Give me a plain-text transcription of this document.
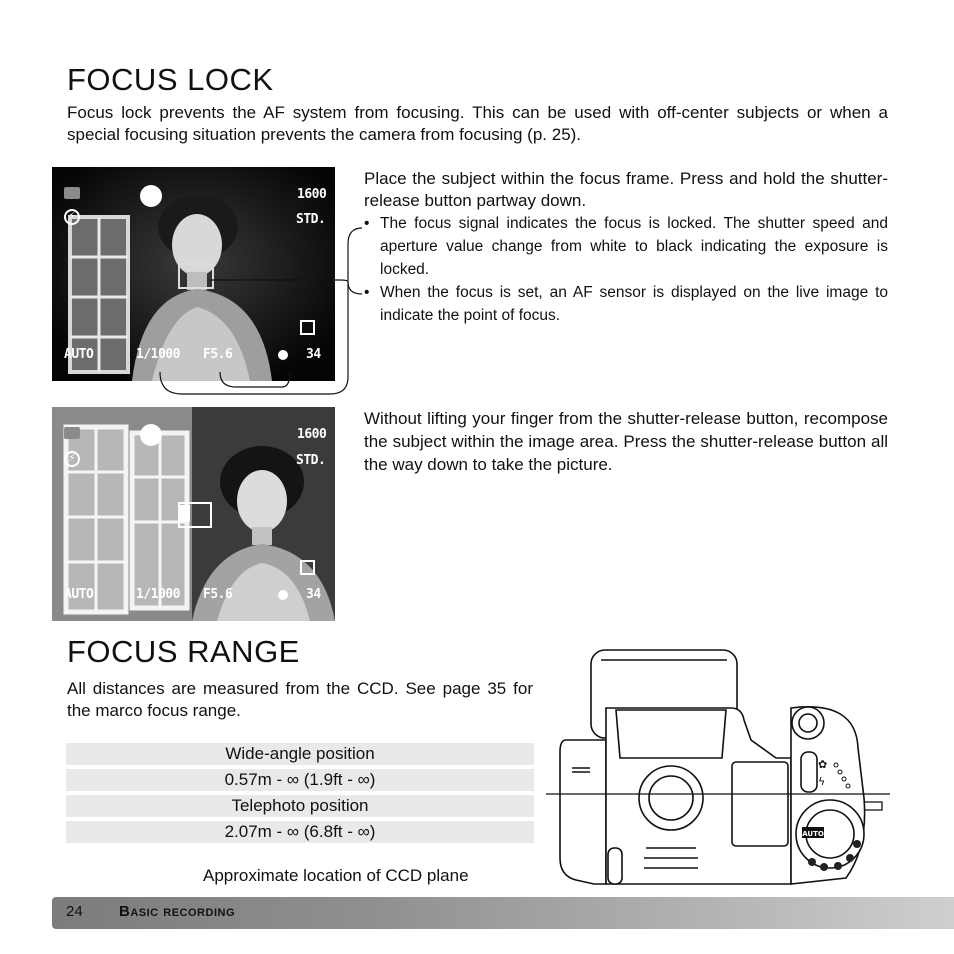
FOCUS LOCK
Focus lock prevents the AF system from focusing. This can be used with off-center subjects or when a special focusing situation prevents the camera from focusing (p. 25).
⚡
1600
STD.
AUTO	1/1000 F5.6	34
Place the subject within the focus frame. Press and hold the shutter-release button partway down.
• The focus signal indicates the focus is locked. The shutter speed and aperture value change from white to black indicating the exposure is locked.
• When the focus is set, an AF sensor is displayed on the live image to indicate the point of focus.
⚡
1600
STD.
AUTO	1/1000 F5.6	34
Without lifting your finger from the shutter-release button, recompose the subject within the image area. Press the shutter-release button all the way down to take the picture.
FOCUS RANGE
All distances are measured from the CCD. See page 35 for the marco focus range.
Wide-angle position
0.57m - ∞ (1.9ft - ∞)
Telephoto position
2.07m - ∞ (6.8ft - ∞)
Approximate location of CCD plane
✿
ϟ
AUTO
24 Basic recording
